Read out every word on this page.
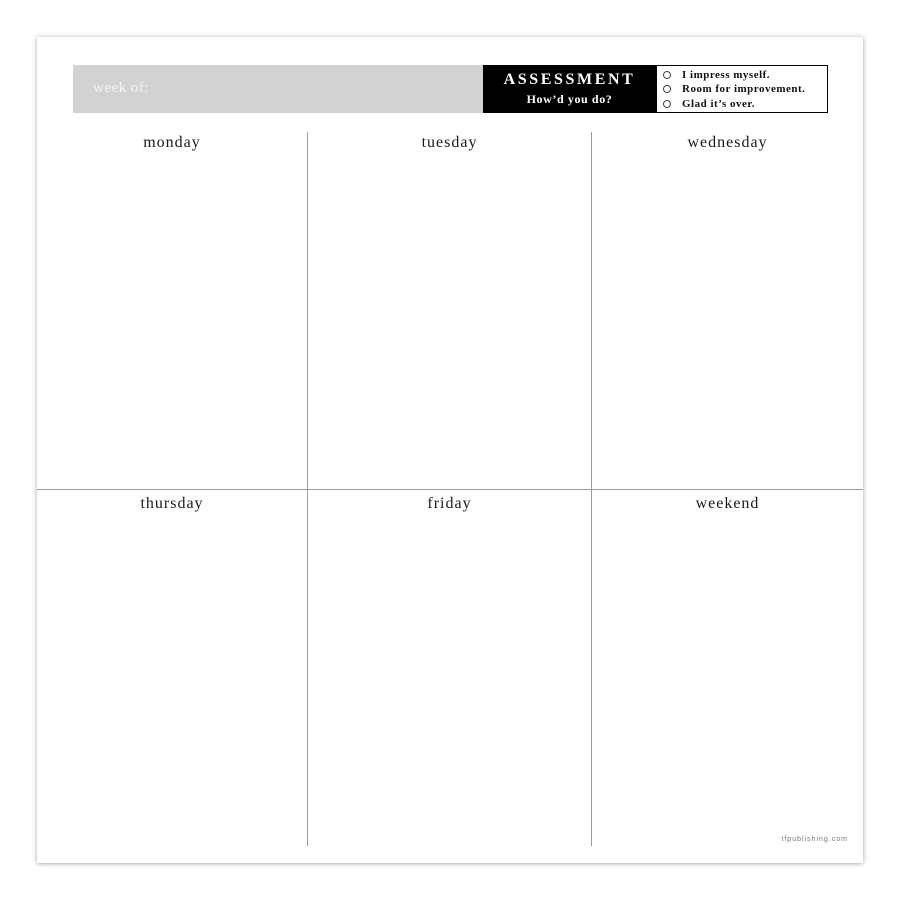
week of:	ASSESSMENT
How’d you do?
I impress myself.
Room for improvement.
Glad it’s over.
monday	tuesday	wednesday
thursday	friday	weekend
tfpublishing.com
